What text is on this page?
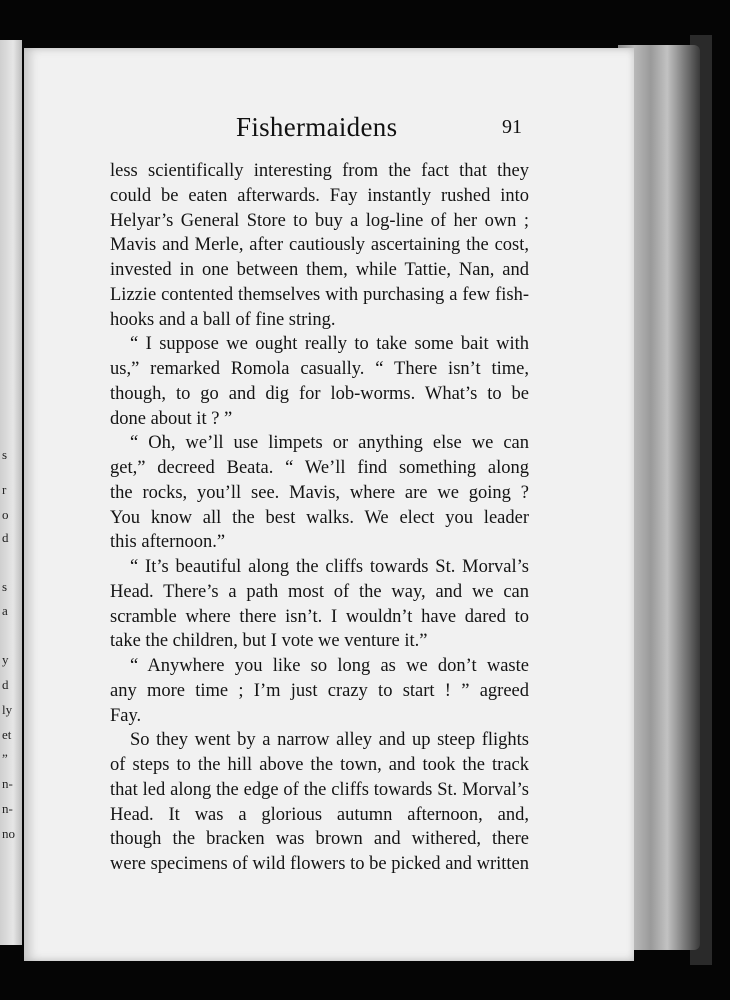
s
r
o
d
s
a
y
d
ly
et
”
n-
n-
no
Fishermaidens	91
less scientifically interesting from the fact that they
could be eaten afterwards. Fay instantly rushed into
Helyar’s General Store to buy a log-line of her own ;
Mavis and Merle, after cautiously ascertaining the cost,
invested in one between them, while Tattie, Nan, and
Lizzie contented themselves with purchasing a few fish-
hooks and a ball of fine string.
“ I suppose we ought really to take some bait with
us,” remarked Romola casually. “ There isn’t time,
though, to go and dig for lob-worms. What’s to be
done about it ? ”
“ Oh, we’ll use limpets or anything else we can
get,” decreed Beata. “ We’ll find something along
the rocks, you’ll see. Mavis, where are we going ?
You know all the best walks. We elect you leader
this afternoon.”
“ It’s beautiful along the cliffs towards St. Morval’s
Head. There’s a path most of the way, and we can
scramble where there isn’t. I wouldn’t have dared to
take the children, but I vote we venture it.”
“ Anywhere you like so long as we don’t waste
any more time ; I’m just crazy to start ! ” agreed
Fay.
So they went by a narrow alley and up steep flights
of steps to the hill above the town, and took the track
that led along the edge of the cliffs towards St. Morval’s
Head. It was a glorious autumn afternoon, and,
though the bracken was brown and withered, there
were specimens of wild flowers to be picked and written
